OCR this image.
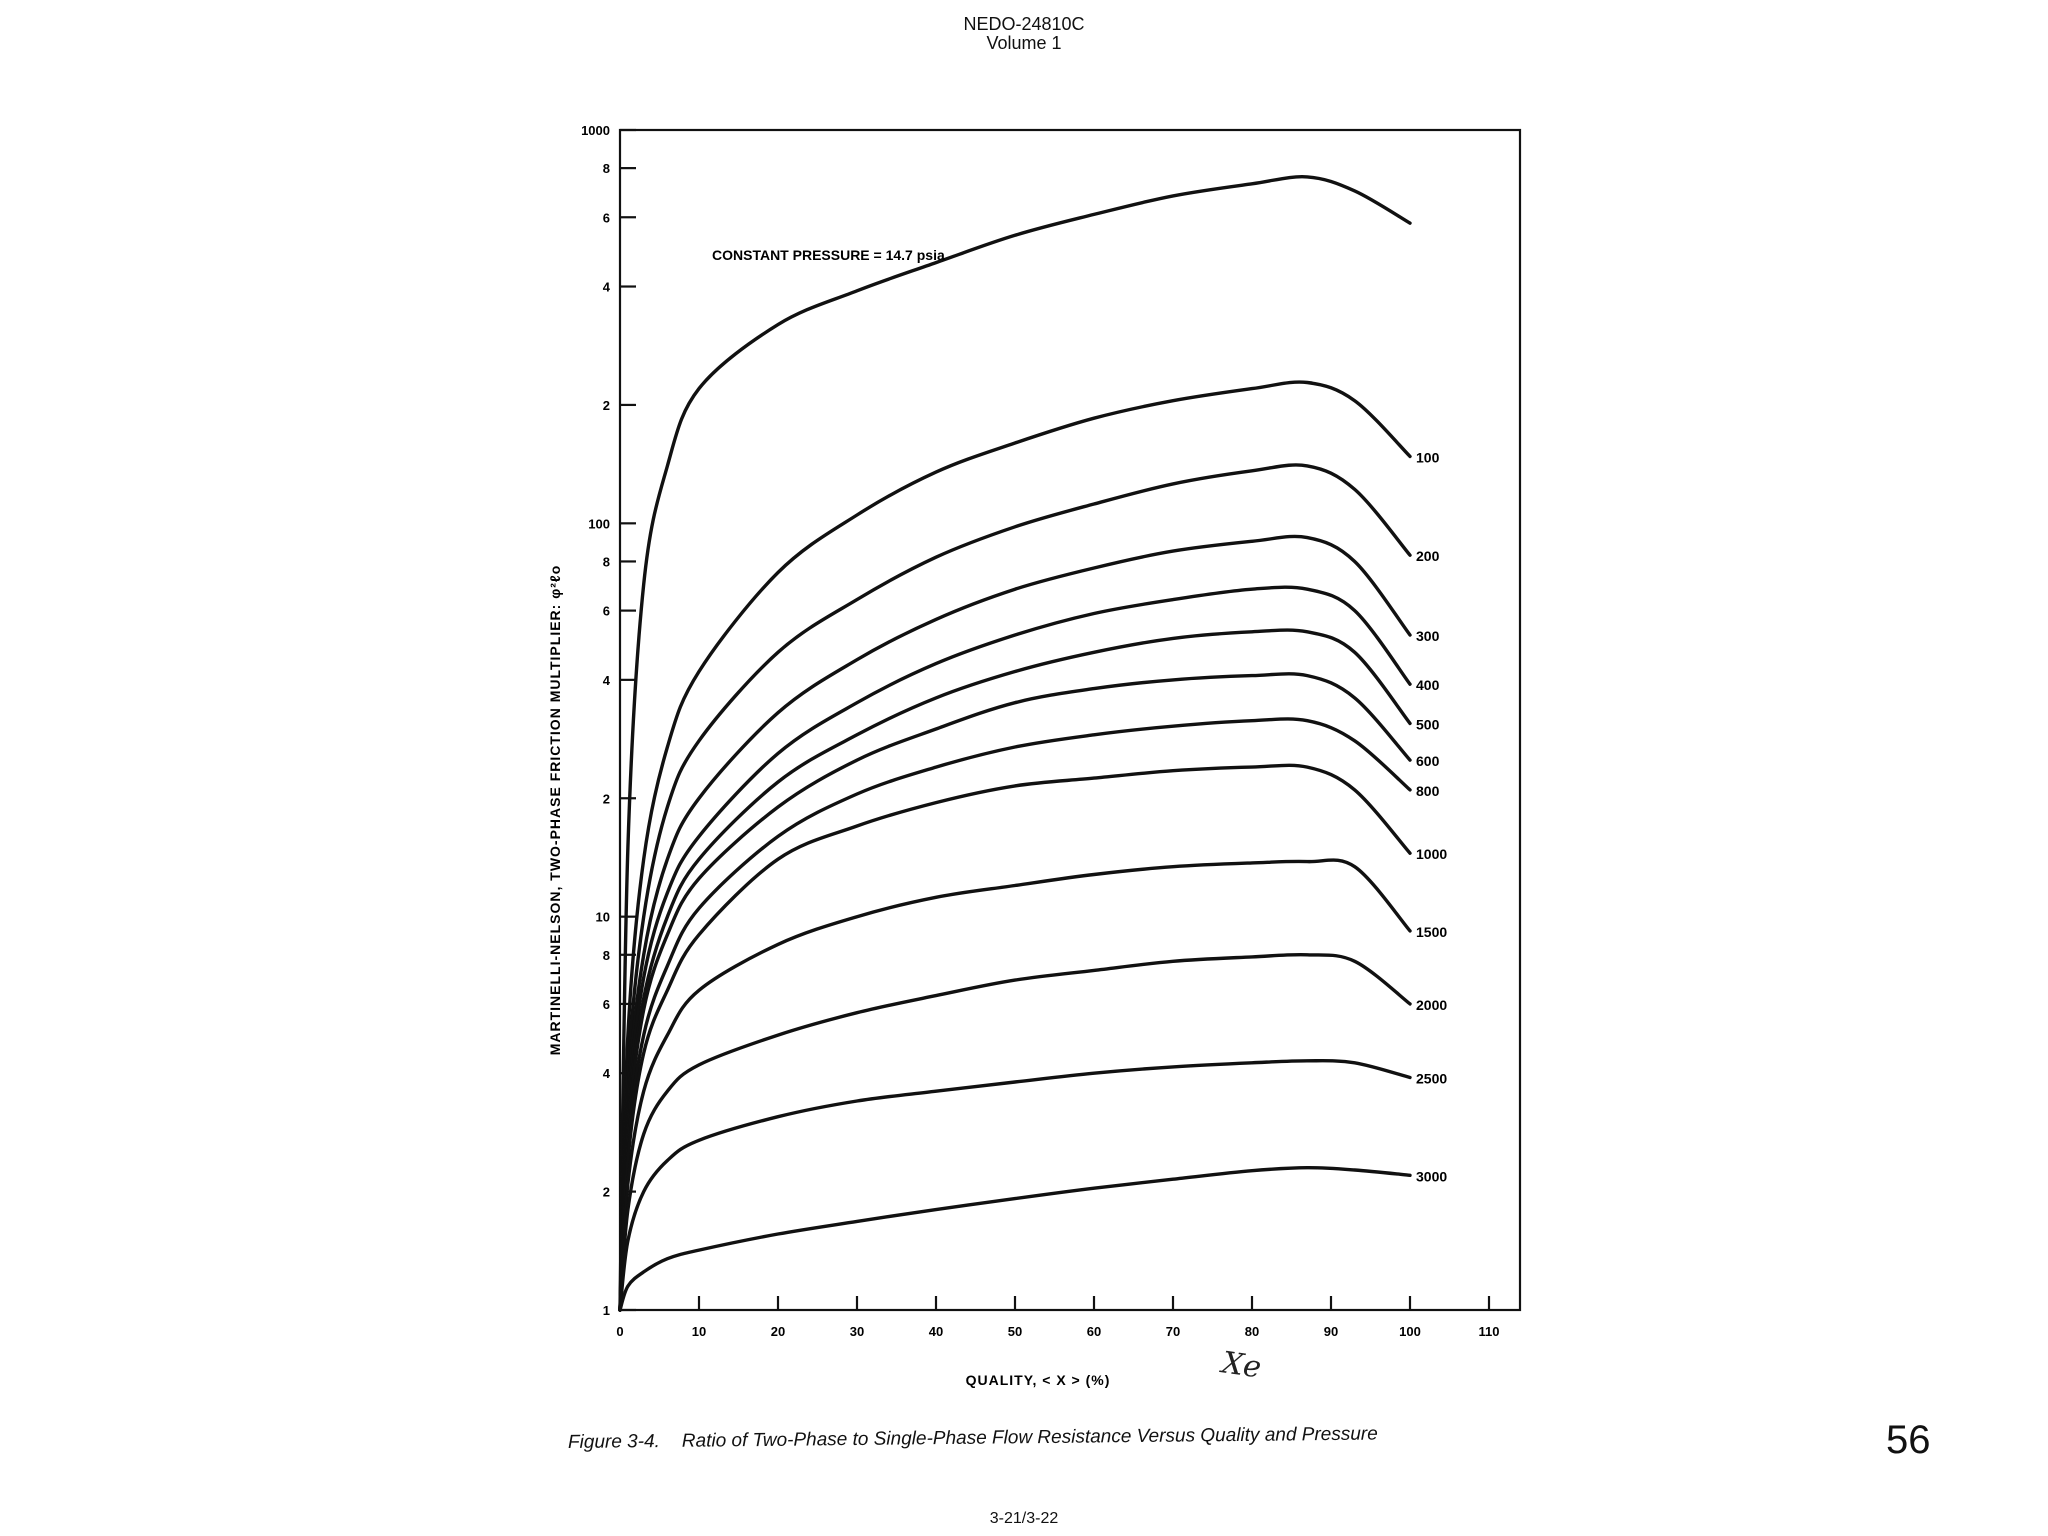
NEDO-24810C
Volume 1
1
2
4
6
8
10
2
4
6
8
100
2
4
6
8
1000
0	10	20	30	40	50	60	70	80	90	100	110
100
200
300
400
500
600
800
1000
1500
2000
2500
3000
CONSTANT PRESSURE = 14.7 psia
QUALITY, < X > (%)
MARTINELLI-NELSON, TWO-PHASE FRICTION MULTIPLIER: φ²ℓo
Figure 3-4. Ratio of Two-Phase to Single-Phase Flow Resistance Versus Quality and Pressure
Xe
56
3-21/3-22
